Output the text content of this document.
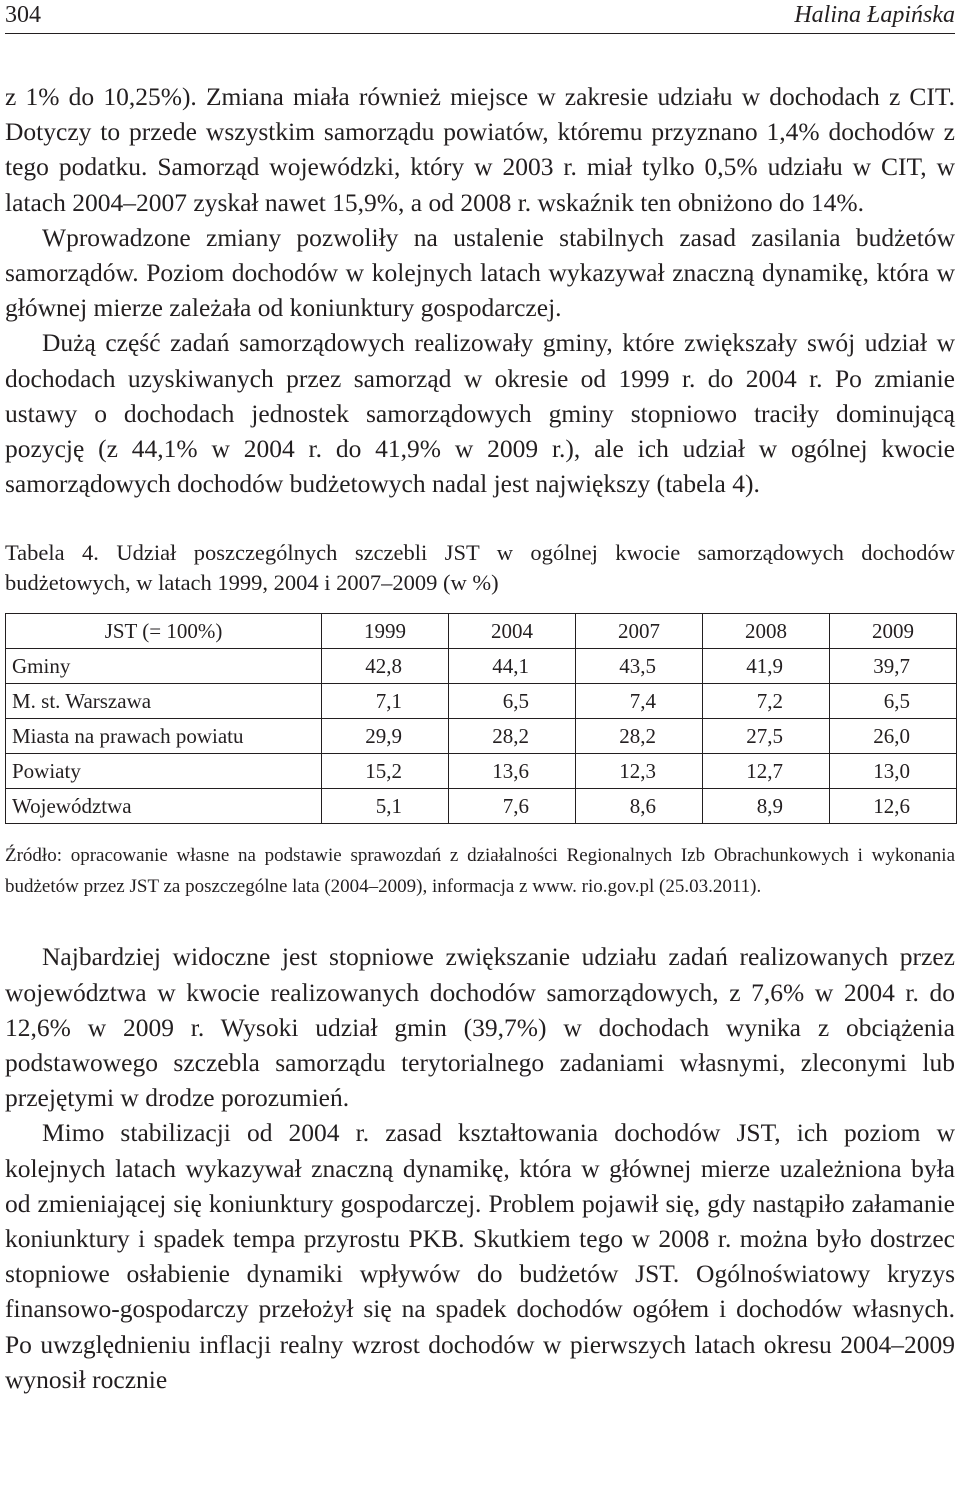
304	Halina Łapińska

z 1% do 10,25%). Zmiana miała również miejsce w zakresie udziału w dochodach z CIT. Dotyczy to przede wszystkim samorządu powiatów, któremu przyznano 1,4% dochodów z tego podatku. Samorząd wojewódzki, który w 2003 r. miał tylko 0,5% udziału w CIT, w latach 2004–2007 zyskał nawet 15,9%, a od 2008 r. wskaźnik ten obniżono do 14%.

Wprowadzone zmiany pozwoliły na ustalenie stabilnych zasad zasilania budżetów samorządów. Poziom dochodów w kolejnych latach wykazywał znaczną dynamikę, która w głównej mierze zależała od koniunktury gospodarczej.

Dużą część zadań samorządowych realizowały gminy, które zwiększały swój udział w dochodach uzyskiwanych przez samorząd w okresie od 1999 r. do 2004 r. Po zmianie ustawy o dochodach jednostek samorządowych gminy stopniowo traciły dominującą pozycję (z 44,1% w 2004 r. do 41,9% w 2009 r.), ale ich udział w ogólnej kwocie samorządowych dochodów budżetowych nadal jest największy (tabela 4).

Tabela 4. Udział poszczególnych szczebli JST w ogólnej kwocie samorządowych dochodów budżetowych, w latach 1999, 2004 i 2007–2009 (w %)
JST (= 100%)	1999	2004	2007	2008	2009
Gminy	42,8	44,1	43,5	41,9	39,7
M. st. Warszawa	7,1	6,5	7,4	7,2	6,5
Miasta na prawach powiatu	29,9	28,2	28,2	27,5	26,0
Powiaty	15,2	13,6	12,3	12,7	13,0
Województwa	5,1	7,6	8,6	8,9	12,6
Źródło: opracowanie własne na podstawie sprawozdań z działalności Regionalnych Izb Obrachunkowych i wykonania budżetów przez JST za poszczególne lata (2004–2009), informacja z www. rio.gov.pl (25.03.2011).

Najbardziej widoczne jest stopniowe zwiększanie udziału zadań realizowanych przez województwa w kwocie realizowanych dochodów samorządowych, z 7,6% w 2004 r. do 12,6% w 2009 r. Wysoki udział gmin (39,7%) w dochodach wynika z obciążenia podstawowego szczebla samorządu terytorialnego zadaniami własnymi, zleconymi lub przejętymi w drodze porozumień.

Mimo stabilizacji od 2004 r. zasad kształtowania dochodów JST, ich poziom w kolejnych latach wykazywał znaczną dynamikę, która w głównej mierze uzależniona była od zmieniającej się koniunktury gospodarczej. Problem pojawił się, gdy nastąpiło załamanie koniunktury i spadek tempa przyrostu PKB. Skutkiem tego w 2008 r. można było dostrzec stopniowe osłabienie dynamiki wpływów do budżetów JST. Ogólnoświatowy kryzys finansowo-gospodarczy przełożył się na spadek dochodów ogółem i dochodów własnych. Po uwzględnieniu inflacji realny wzrost dochodów w pierwszych latach okresu 2004–2009 wynosił rocznie
